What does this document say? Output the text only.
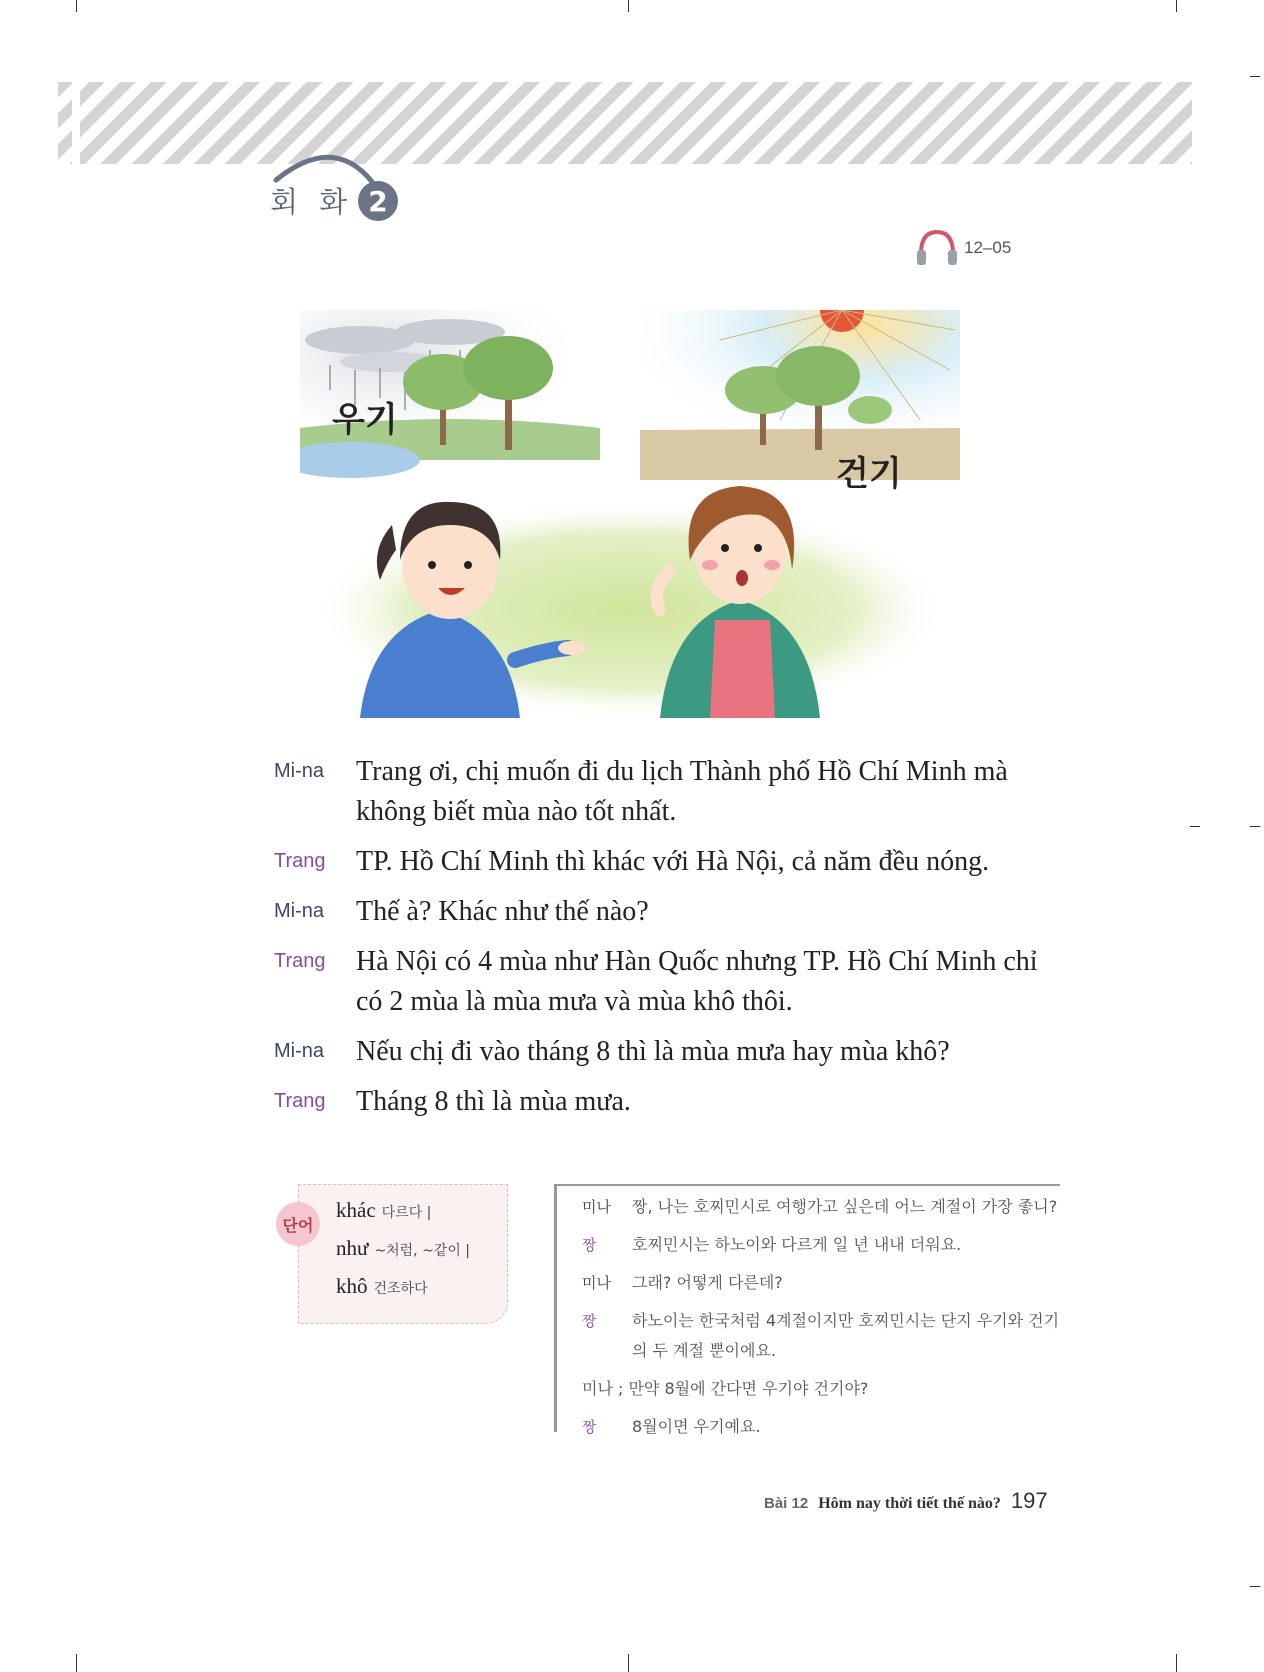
회 화 2
12–05
우기
건기
Mi-na	Trang ơi, chị muốn đi du lịch Thành phố Hồ Chí Minh mà không biết mùa nào tốt nhất.
Trang	TP. Hồ Chí Minh thì khác với Hà Nội, cả năm đều nóng.
Mi-na	Thế à? Khác như thế nào?
Trang	Hà Nội có 4 mùa như Hàn Quốc nhưng TP. Hồ Chí Minh chỉ có 2 mùa là mùa mưa và mùa khô thôi.
Mi-na	Nếu chị đi vào tháng 8 thì là mùa mưa hay mùa khô?
Trang	Tháng 8 thì là mùa mưa.
단어
khác 다르다 |
như ~처럼, ~같이 |
khô 건조하다
미나	짱, 나는 호찌민시로 여행가고 싶은데 어느 계절이 가장 좋니?
짱	호찌민시는 하노이와 다르게 일 년 내내 더워요.
미나	그래? 어떻게 다른데?
짱	하노이는 한국처럼 4계절이지만 호찌민시는 단지 우기와 건기의 두 계절 뿐이에요.
미나 ; 만약 8월에 간다면 우기야 건기야?
짱	8월이면 우기예요.
Bài 12 Hôm nay thời tiết thế nào? 197
